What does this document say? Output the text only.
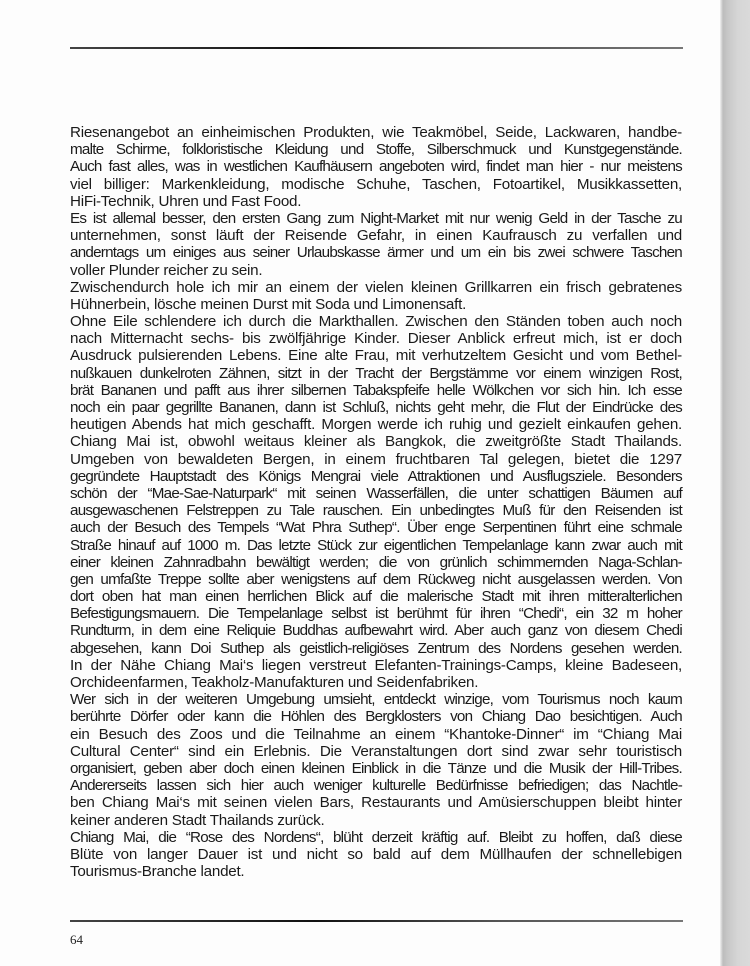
Riesenangebot an einheimischen Produkten, wie Teakmöbel, Seide, Lackwaren, handbe-
malte Schirme, folkloristische Kleidung und Stoffe, Silberschmuck und Kunstgegenstände.
Auch fast alles, was in westlichen Kaufhäusern angeboten wird, findet man hier - nur meistens
viel billiger: Markenkleidung, modische Schuhe, Taschen, Fotoartikel, Musikkassetten,
HiFi-Technik, Uhren und Fast Food.
Es ist allemal besser, den ersten Gang zum Night-Market mit nur wenig Geld in der Tasche zu
unternehmen, sonst läuft der Reisende Gefahr, in einen Kaufrausch zu verfallen und
anderntags um einiges aus seiner Urlaubskasse ärmer und um ein bis zwei schwere Taschen
voller Plunder reicher zu sein.
Zwischendurch hole ich mir an einem der vielen kleinen Grillkarren ein frisch gebratenes
Hühnerbein, lösche meinen Durst mit Soda und Limonensaft.
Ohne Eile schlendere ich durch die Markthallen. Zwischen den Ständen toben auch noch
nach Mitternacht sechs- bis zwölfjährige Kinder. Dieser Anblick erfreut mich, ist er doch
Ausdruck pulsierenden Lebens. Eine alte Frau, mit verhutzeltem Gesicht und vom Bethel-
nußkauen dunkelroten Zähnen, sitzt in der Tracht der Bergstämme vor einem winzigen Rost,
brät Bananen und pafft aus ihrer silbernen Tabakspfeife helle Wölkchen vor sich hin. Ich esse
noch ein paar gegrillte Bananen, dann ist Schluß, nichts geht mehr, die Flut der Eindrücke des
heutigen Abends hat mich geschafft. Morgen werde ich ruhig und gezielt einkaufen gehen.
Chiang Mai ist, obwohl weitaus kleiner als Bangkok, die zweitgrößte Stadt Thailands.
Umgeben von bewaldeten Bergen, in einem fruchtbaren Tal gelegen, bietet die 1297
gegründete Hauptstadt des Königs Mengrai viele Attraktionen und Ausflugsziele. Besonders
schön der “Mae-Sae-Naturpark“ mit seinen Wasserfällen, die unter schattigen Bäumen auf
ausgewaschenen Felstreppen zu Tale rauschen. Ein unbedingtes Muß für den Reisenden ist
auch der Besuch des Tempels “Wat Phra Suthep“. Über enge Serpentinen führt eine schmale
Straße hinauf auf 1000 m. Das letzte Stück zur eigentlichen Tempelanlage kann zwar auch mit
einer kleinen Zahnradbahn bewältigt werden; die von grünlich schimmernden Naga-Schlan-
gen umfaßte Treppe sollte aber wenigstens auf dem Rückweg nicht ausgelassen werden. Von
dort oben hat man einen herrlichen Blick auf die malerische Stadt mit ihren mitteralterlichen
Befestigungsmauern. Die Tempelanlage selbst ist berühmt für ihren “Chedi“, ein 32 m hoher
Rundturm, in dem eine Reliquie Buddhas aufbewahrt wird. Aber auch ganz von diesem Chedi
abgesehen, kann Doi Suthep als geistlich-religiöses Zentrum des Nordens gesehen werden.
In der Nähe Chiang Mai‘s liegen verstreut Elefanten-Trainings-Camps, kleine Badeseen,
Orchideenfarmen, Teakholz-Manufakturen und Seidenfabriken.
Wer sich in der weiteren Umgebung umsieht, entdeckt winzige, vom Tourismus noch kaum
berührte Dörfer oder kann die Höhlen des Bergklosters von Chiang Dao besichtigen. Auch
ein Besuch des Zoos und die Teilnahme an einem “Khantoke-Dinner“ im “Chiang Mai
Cultural Center“ sind ein Erlebnis. Die Veranstaltungen dort sind zwar sehr touristisch
organisiert, geben aber doch einen kleinen Einblick in die Tänze und die Musik der Hill-Tribes.
Andererseits lassen sich hier auch weniger kulturelle Bedürfnisse befriedigen; das Nachtle-
ben Chiang Mai‘s mit seinen vielen Bars, Restaurants und Amüsierschuppen bleibt hinter
keiner anderen Stadt Thailands zurück.
Chiang Mai, die “Rose des Nordens“, blüht derzeit kräftig auf. Bleibt zu hoffen, daß diese
Blüte von langer Dauer ist und nicht so bald auf dem Müllhaufen der schnellebigen
Tourismus-Branche landet.
64
